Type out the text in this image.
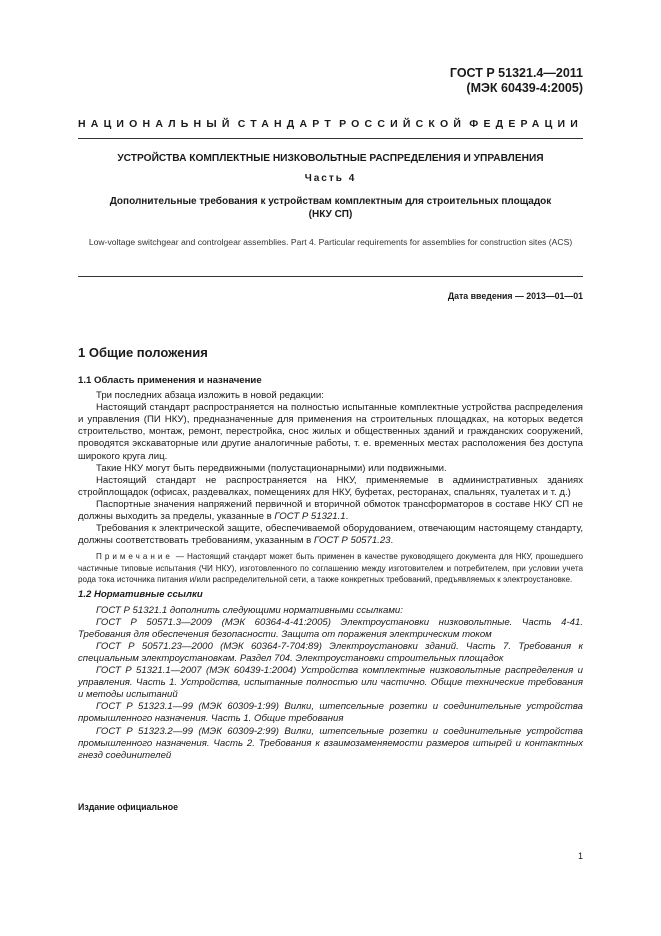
ГОСТ Р 51321.4—2011
(МЭК 60439-4:2005)
НАЦИОНАЛЬНЫЙ СТАНДАРТ РОССИЙСКОЙ ФЕДЕРАЦИИ
УСТРОЙСТВА КОМПЛЕКТНЫЕ НИЗКОВОЛЬТНЫЕ РАСПРЕДЕЛЕНИЯ И УПРАВЛЕНИЯ
Часть 4
Дополнительные требования к устройствам комплектным для строительных площадок
(НКУ СП)
Low-voltage switchgear and controlgear assemblies. Part 4. Particular requirements for assemblies for construction sites (ACS)
Дата введения — 2013—01—01
1 Общие положения

1.1 Область применения и назначение

Три последних абзаца изложить в новой редакции:

Настоящий стандарт распространяется на полностью испытанные комплектные устройства распределения и управления (ПИ НКУ), предназначенные для применения на строительных площадках, на которых ведется строительство, монтаж, ремонт, перестройка, снос жилых и общественных зданий и гражданских сооружений, проводятся экскаваторные или другие аналогичные работы, т. е. временных местах расположения без доступа широкого круга лиц.

Такие НКУ могут быть передвижными (полустационарными) или подвижными.

Настоящий стандарт не распространяется на НКУ, применяемые в административных зданиях стройплощадок (офисах, раздевалках, помещениях для НКУ, буфетах, ресторанах, спальнях, туалетах и т. д.)

Паспортные значения напряжений первичной и вторичной обмоток трансформаторов в составе НКУ СП не должны выходить за пределы, указанные в ГОСТ Р 51321.1.

Требования к электрической защите, обеспечиваемой оборудованием, отвечающим настоящему стандарту, должны соответствовать требованиям, указанным в ГОСТ Р 50571.23.

Примечание — Настоящий стандарт может быть применен в качестве руководящего документа для НКУ, прошедшего частичные типовые испытания (ЧИ НКУ), изготовленного по соглашению между изготовителем и потребителем, при условии учета рода тока источника питания и/или распределительной сети, а также конкретных требований, предъявляемых к электроустановке.

1.2 Нормативные ссылки

ГОСТ Р 51321.1 дополнить следующими нормативными ссылками:

ГОСТ Р 50571.3—2009 (МЭК 60364-4-41:2005) Электроустановки низковольтные. Часть 4-41. Требования для обеспечения безопасности. Защита от поражения электрическим током

ГОСТ Р 50571.23—2000 (МЭК 60364-7-704:89) Электроустановки зданий. Часть 7. Требования к специальным электроустановкам. Раздел 704. Электроустановки строительных площадок

ГОСТ Р 51321.1—2007 (МЭК 60439-1:2004) Устройства комплектные низковольтные распределения и управления. Часть 1. Устройства, испытанные полностью или частично. Общие технические требования и методы испытаний

ГОСТ Р 51323.1—99 (МЭК 60309-1:99) Вилки, штепсельные розетки и соединительные устройства промышленного назначения. Часть 1. Общие требования

ГОСТ Р 51323.2—99 (МЭК 60309-2:99) Вилки, штепсельные розетки и соединительные устройства промышленного назначения. Часть 2. Требования к взаимозаменяемости размеров штырей и контактных гнезд соединителей

Издание официальное
1
